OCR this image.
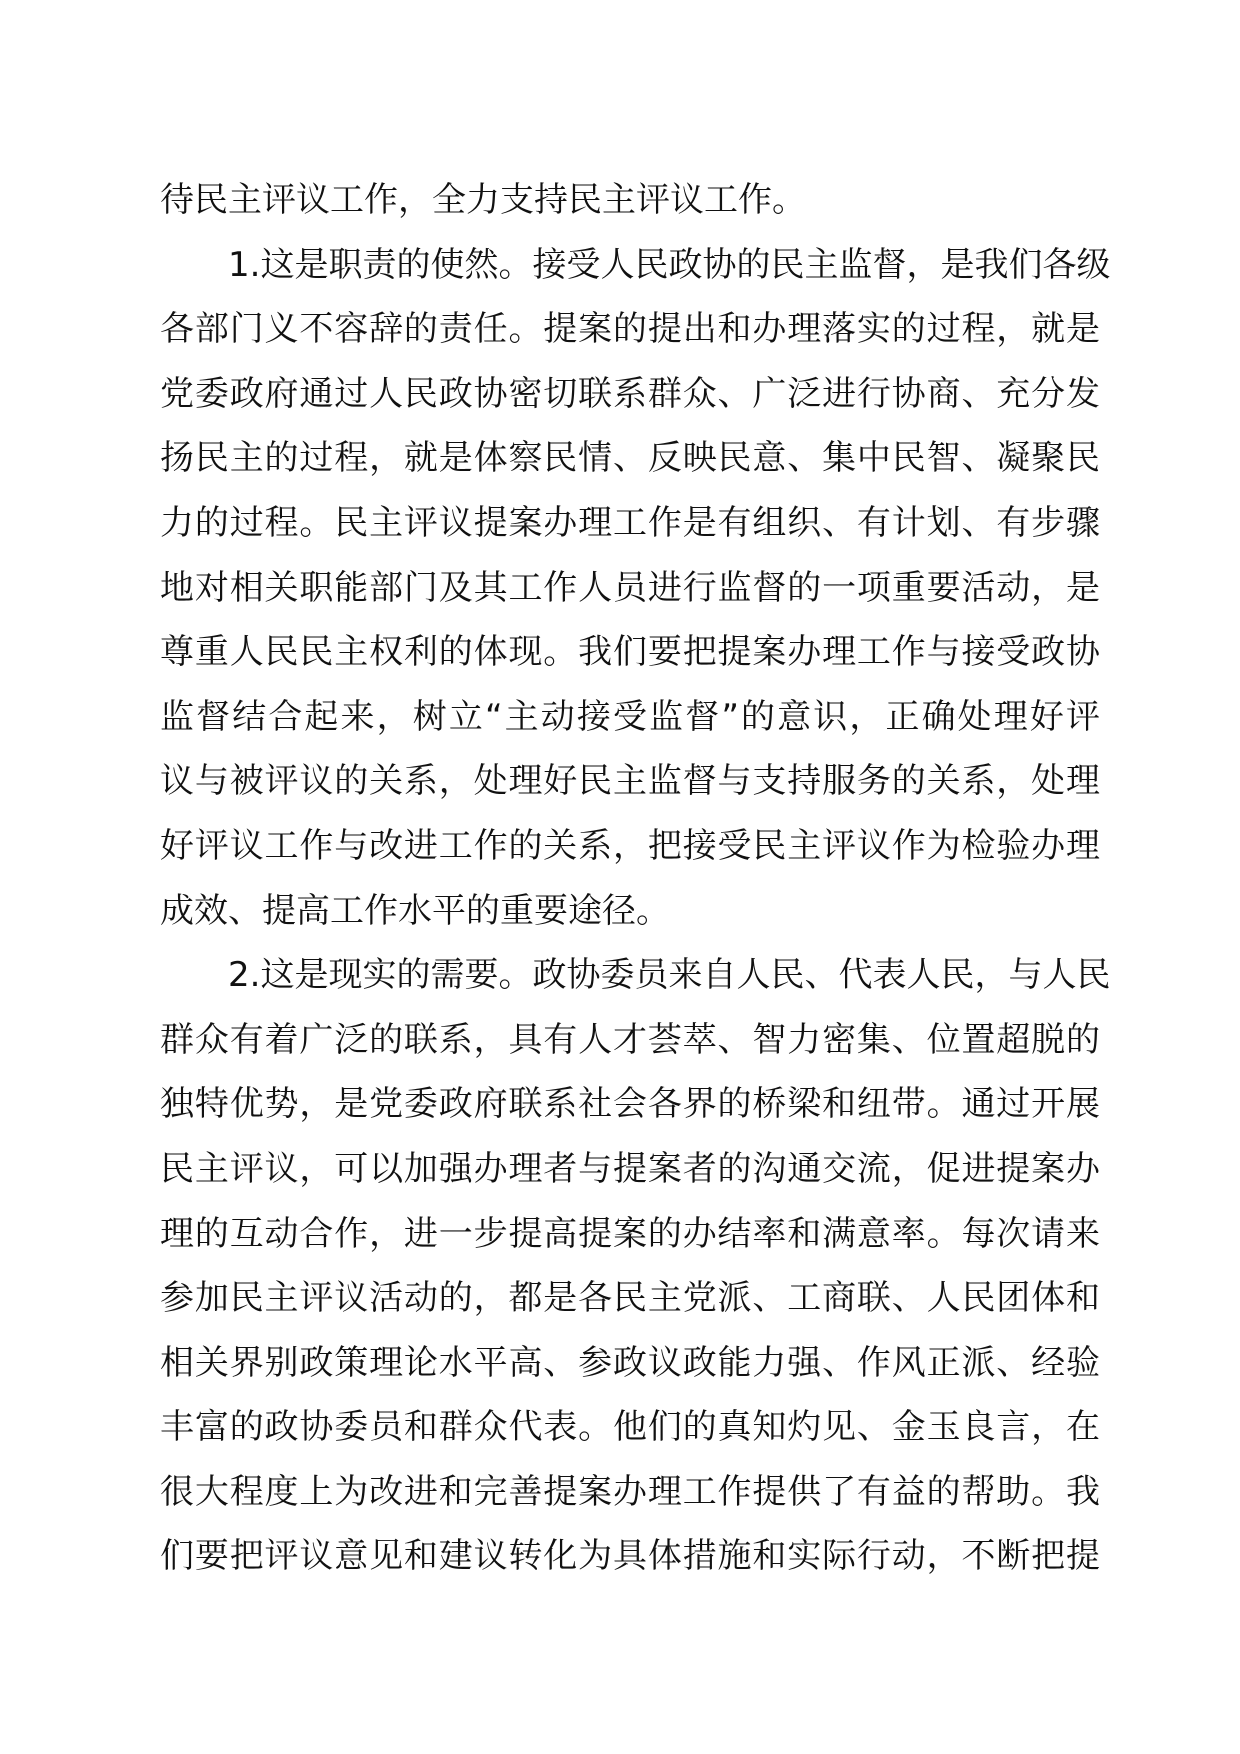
待民主评议工作，全力支持民主评议工作。
1.这是职责的使然。接受人民政协的民主监督，是我们各级
各部门义不容辞的责任。提案的提出和办理落实的过程，就是
党委政府通过人民政协密切联系群众、广泛进行协商、充分发
扬民主的过程，就是体察民情、反映民意、集中民智、凝聚民
力的过程。民主评议提案办理工作是有组织、有计划、有步骤
地对相关职能部门及其工作人员进行监督的一项重要活动，是
尊重人民民主权利的体现。我们要把提案办理工作与接受政协
监督结合起来，树立“主动接受监督”的意识，正确处理好评
议与被评议的关系，处理好民主监督与支持服务的关系，处理
好评议工作与改进工作的关系，把接受民主评议作为检验办理
成效、提高工作水平的重要途径。
2.这是现实的需要。政协委员来自人民、代表人民，与人民
群众有着广泛的联系，具有人才荟萃、智力密集、位置超脱的
独特优势，是党委政府联系社会各界的桥梁和纽带。通过开展
民主评议，可以加强办理者与提案者的沟通交流，促进提案办
理的互动合作，进一步提高提案的办结率和满意率。每次请来
参加民主评议活动的，都是各民主党派、工商联、人民团体和
相关界别政策理论水平高、参政议政能力强、作风正派、经验
丰富的政协委员和群众代表。他们的真知灼见、金玉良言，在
很大程度上为改进和完善提案办理工作提供了有益的帮助。我
们要把评议意见和建议转化为具体措施和实际行动，不断把提
